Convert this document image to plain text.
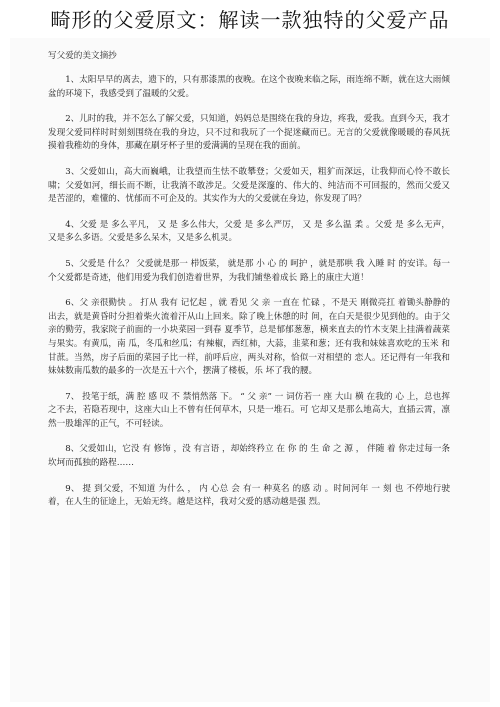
畸形的父爱原文：解读一款独特的父爱产品
写父爱的美文摘抄

1、太阳早早的离去，遗下的，只有那漆黑的夜晚。在这个夜晚来临之际，雨连绵不断，就在这大雨倾盆的环境下，我感受到了温暖的父爱。

2、儿时的我，并不怎么了解父爱，只知道，妈妈总是围绕在我的身边，疼我，爱我。直到今天，我才发现父爱同样时时刻刻围绕在我的身边，只不过和我玩了一个捉迷藏而已。无言的父爱就像暖暖的春风抚摸着我稚幼的身体，那藏在刷牙杯子里的爱满满的呈现在我的面前。

3、父爱如山，高大而巍峨，让我望而生怯不敢攀登；父爱如天，粗犷而深远，让我仰而心怜不敢长啸；父爱如河，细长而不断，让我淌不敢涉足。父爱是深邃的、伟大的、纯洁而不可回报的，然而父爱又是苦涩的，难懂的、忧郁而不可企及的。其实作为大的父爱就在身边，你发现了吗？

4、父爱 是 多么平凡， 又 是 多么伟大，父爱 是 多么严厉， 又 是 多么温 柔 。父爱 是 多么无声，又是多么多语。父爱是多么呆木，又是多么机灵。

5、父爱是 什么？ 父爱就是那一 栉饭菜， 就是那 小 心 的 呵护 ，就是那哄 我 入睡 时 的安详。每一个父爱都是奇迹，他们用爱为我们创造着世界，为我们铺垫着成长 路上的康庄大道！

6、父 亲很勤快 。 打从 我有 记忆起 ，就 看见 父 亲 一直在 忙碌 ，不是天 刚微亮扛 着锄头静静的出去，就是黄昏时分担着柴火流着汗从山上回来。除了晚上休憩的时 间，在白天是很少见到他的。由于父亲的勤劳，我家院子前面的一小块菜园一到春 夏季节，总是郁郁葱葱，横来直去的竹木支架上挂满着蔬菜与果实。有黄瓜，南 瓜，冬瓜和丝瓜；有辣椒，西红柿，大蒜，韭菜和葱；还有我和妹妹喜欢吃的玉米 和甘蔗。当然，房子后面的菜园子比一样，前呼后应，两头对称，恰似一对相望的 恋人。还记得有一年我和妹妹数南瓜数的最多的一次是五十六个，摆满了楼板，乐 坏了我的腰。

7、 投笔于纸，满 腔 感 叹 不 禁悄然落 下。 “ 父 亲” 一 词仿若一 座 大山 横 在我的 心 上，总也挥之不去，若隐若现中，这座大山上不曾有任何草木，只是一堆石。可 它却又是那么地高大，直插云霄，凛然一股雄浑的正气，不可轻读。

8、父爱如山，它没 有 修饰 ，没 有言语 ，却始终矜立 在 你 的 生 命 之 源 ， 伴随 着 你走过每一条坎坷而孤独的路程……

9、 提 到父爱，不知道 为什么 ， 内 心总 会 有一 种莫名 的感 动 。时间河年 一 刻 也 不停地行驶着，在人生的征途上，无始无终。越是这样，我对父爱的感动越是强 烈。
